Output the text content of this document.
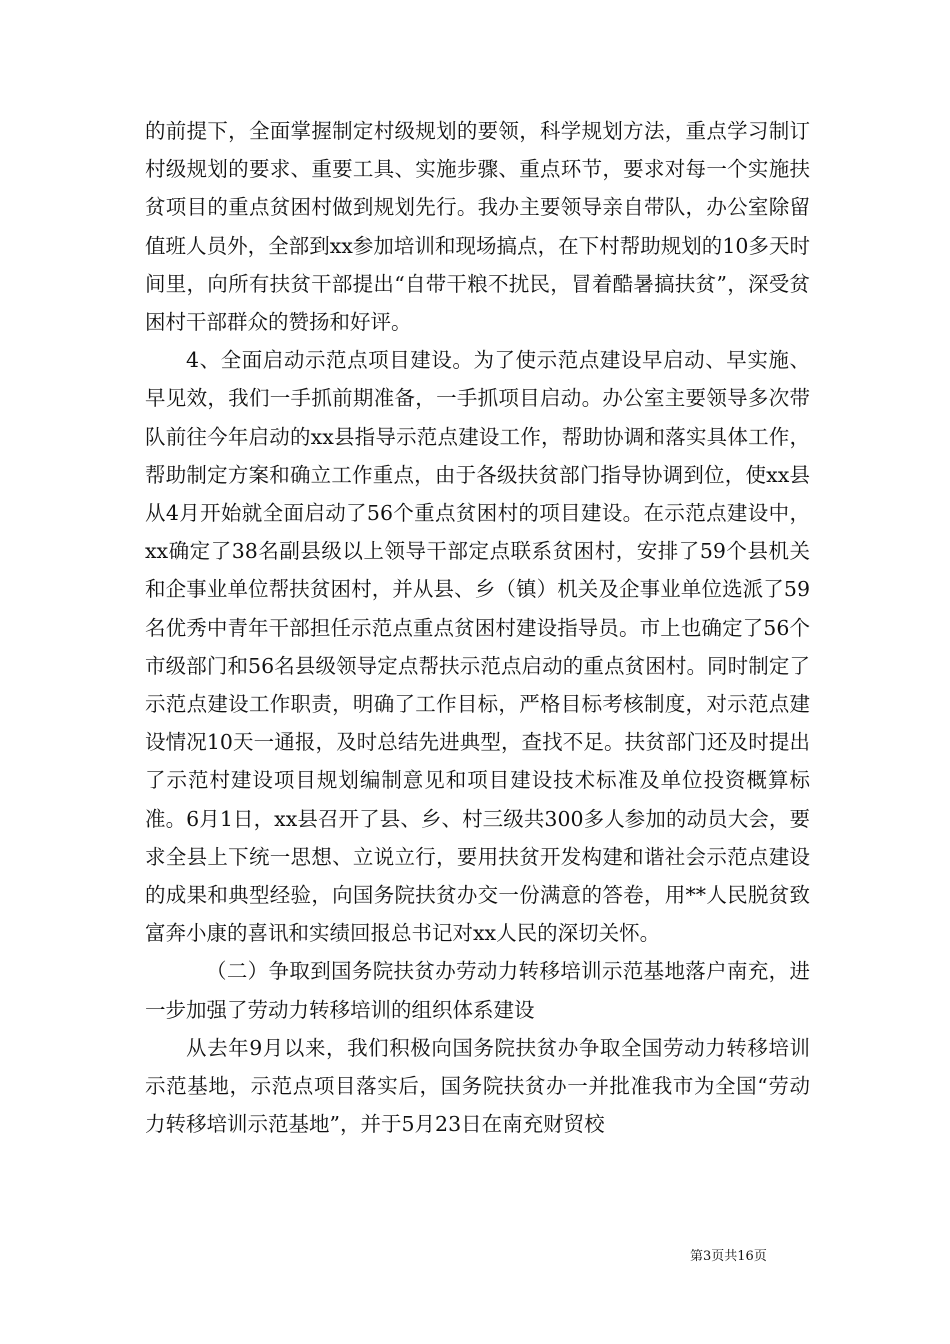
的前提下，全面掌握制定村级规划的要领，科学规划方法，重点学习制订村级规划的要求、重要工具、实施步骤、重点环节，要求对每一个实施扶贫项目的重点贫困村做到规划先行。我办主要领导亲自带队，办公室除留值班人员外，全部到xx参加培训和现场搞点，在下村帮助规划的10多天时间里，向所有扶贫干部提出“自带干粮不扰民，冒着酷暑搞扶贫”，深受贫困村干部群众的赞扬和好评。

4、全面启动示范点项目建设。为了使示范点建设早启动、早实施、早见效，我们一手抓前期准备，一手抓项目启动。办公室主要领导多次带队前往今年启动的xx县指导示范点建设工作，帮助协调和落实具体工作，帮助制定方案和确立工作重点，由于各级扶贫部门指导协调到位，使xx县从4月开始就全面启动了56个重点贫困村的项目建设。在示范点建设中，xx确定了38名副县级以上领导干部定点联系贫困村，安排了59个县机关和企事业单位帮扶贫困村，并从县、乡（镇）机关及企事业单位选派了59名优秀中青年干部担任示范点重点贫困村建设指导员。市上也确定了56个市级部门和56名县级领导定点帮扶示范点启动的重点贫困村。同时制定了示范点建设工作职责，明确了工作目标，严格目标考核制度，对示范点建设情况10天一通报，及时总结先进典型，查找不足。扶贫部门还及时提出了示范村建设项目规划编制意见和项目建设技术标准及单位投资概算标准。6月1日，xx县召开了县、乡、村三级共300多人参加的动员大会，要求全县上下统一思想、立说立行，要用扶贫开发构建和谐社会示范点建设的成果和典型经验，向国务院扶贫办交一份满意的答卷，用**人民脱贫致富奔小康的喜讯和实绩回报总书记对xx人民的深切关怀。

（二）争取到国务院扶贫办劳动力转移培训示范基地落户南充，进一步加强了劳动力转移培训的组织体系建设

从去年9月以来，我们积极向国务院扶贫办争取全国劳动力转移培训示范基地，示范点项目落实后，国务院扶贫办一并批准我市为全国“劳动力转移培训示范基地”，并于5月23日在南充财贸校

第3页共16页
